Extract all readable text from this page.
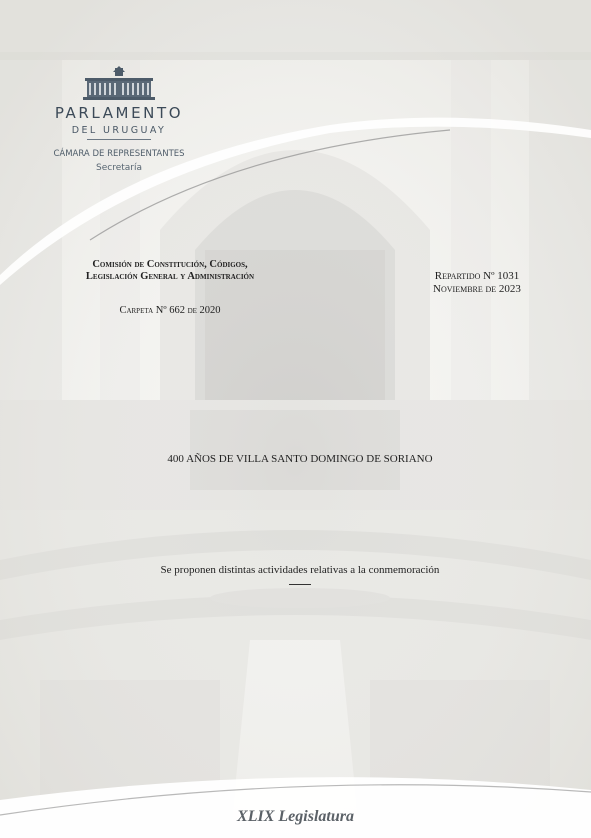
PARLAMENTO
DEL URUGUAY
CÁMARA DE REPRESENTANTES
Secretaría
Comisión de Constitución, Códigos,
Legislación General y Administración	Repartido Nº 1031
Noviembre de 2023
Carpeta Nº 662 de 2020
400 AÑOS DE VILLA SANTO DOMINGO DE SORIANO
Se proponen distintas actividades relativas a la conmemoración
XLIX Legislatura
